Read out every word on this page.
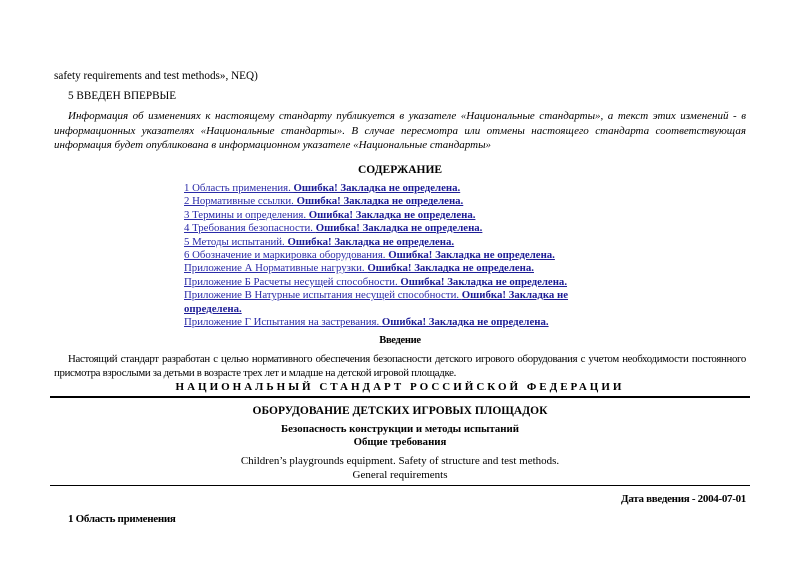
safety requirements and test methods», NEQ)
5 ВВЕДЕН ВПЕРВЫЕ
Информация об изменениях к настоящему стандарту публикуется в указателе «Национальные стандарты», а текст этих изменений - в информационных указателях «Национальные стандарты». В случае пересмотра или отмены настоящего стандарта соответствующая информация будет опубликована в информационном указателе «Национальные стандарты»
СОДЕРЖАНИЕ
1 Область применения. Ошибка! Закладка не определена.
2 Нормативные ссылки. Ошибка! Закладка не определена.
3 Термины и определения. Ошибка! Закладка не определена.
4 Требования безопасности. Ошибка! Закладка не определена.
5 Методы испытаний. Ошибка! Закладка не определена.
6 Обозначение и маркировка оборудования. Ошибка! Закладка не определена.
Приложение А Нормативные нагрузки. Ошибка! Закладка не определена.
Приложение Б Расчеты несущей способности. Ошибка! Закладка не определена.
Приложение В Натурные испытания несущей способности. Ошибка! Закладка не
определена.
Приложение Г Испытания на застревания. Ошибка! Закладка не определена.
Введение
Настоящий стандарт разработан с целью нормативного обеспечения безопасности детского игрового оборудования с учетом необходимости постоянного присмотра взрослыми за детьми в возрасте трех лет и младше на детской игровой площадке.
НАЦИОНАЛЬНЫЙ СТАНДАРТ РОССИЙСКОЙ ФЕДЕРАЦИИ
ОБОРУДОВАНИЕ ДЕТСКИХ ИГРОВЫХ ПЛОЩАДОК
Безопасность конструкции и методы испытаний
Общие требования
Children’s playgrounds equipment. Safety of structure and test methods.
General requirements
Дата введения - 2004-07-01
1 Область применения
